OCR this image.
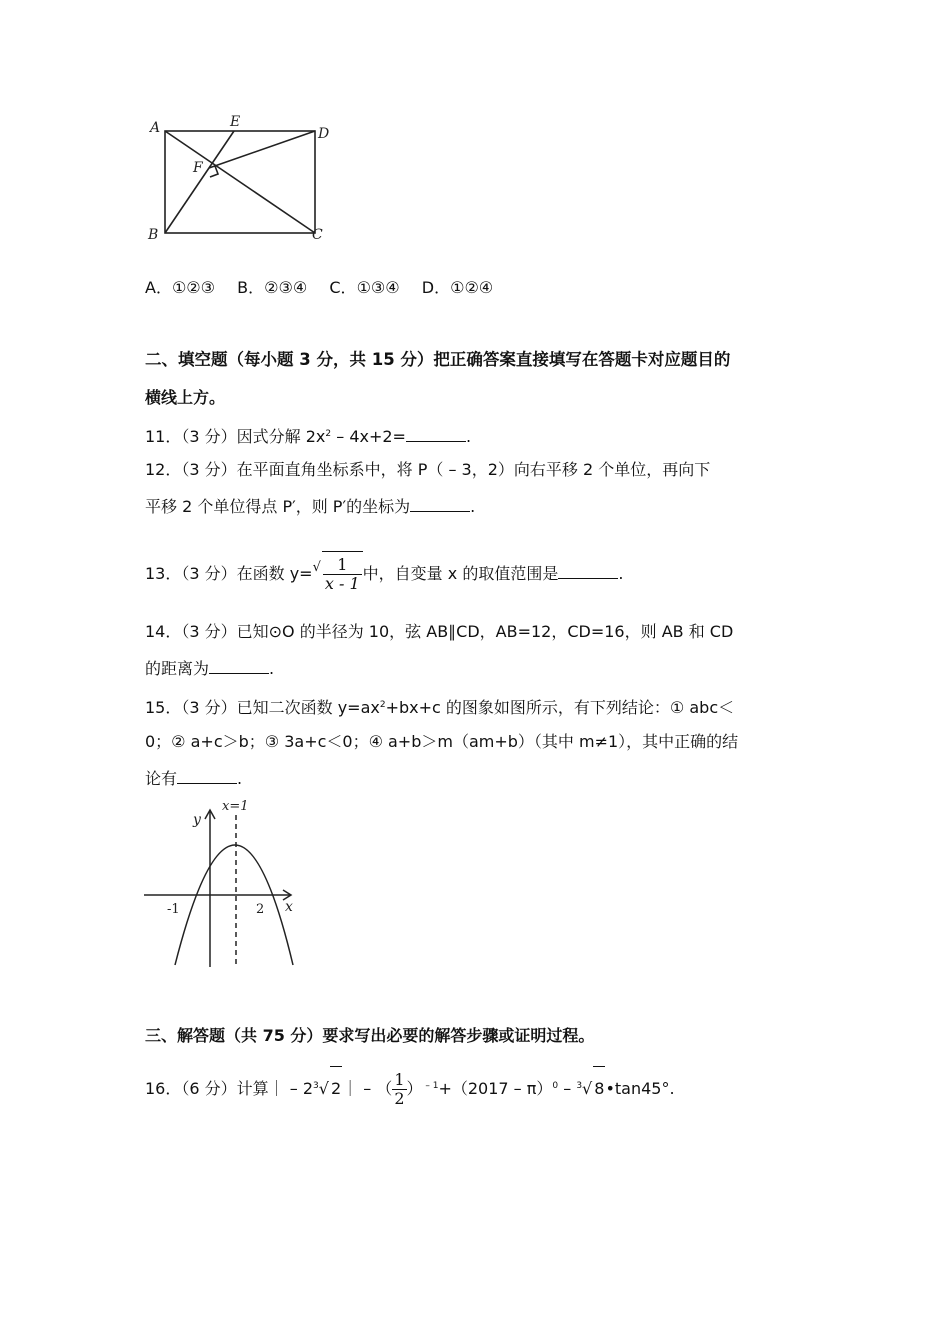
A	E
D
F
B	C
A．①②③ B．②③④ C．①③④ D．①②④
二、填空题（每小题 3 分，共 15 分）把正确答案直接填写在答题卡对应题目的
横线上方。
11．（3 分）因式分解 $2x^2 - 4x+2=$	.
12．（3 分）在平面直角坐标系中，将 P（ – 3，2）向右平移 2 个单位，再向下
平移 2 个单位得点 P′，则 P′的坐标为	.
13．（3 分）在函数 $y=^√ \frac{1}{x - 1}$ 中，自变量 x 的取值范围是	.
14．（3 分）已知⊙O 的半径为 10，弦 AB∥CD，AB=12，CD=16，则 AB 和 CD
的距离为	.
15．（3 分）已知二次函数 $y=ax^2+bx+c$ 的图象如图所示，有下列结论：① abc＜
0；② a+c＞b；③ 3a+c＜0；④ a+b＞m（am+b）（其中 m≠1），其中正确的结
论有	.
x=1
y
x
-1	2
三、解答题（共 75 分）要求写出必要的解答步骤或证明过程。
16．（6 分）计算｜ – $2^3√$ 2｜ – （ $\frac{1}{2}$ ） $^{- 1}$+（2017 – π）$^0$ – $^3$√ 8•tan45°.
